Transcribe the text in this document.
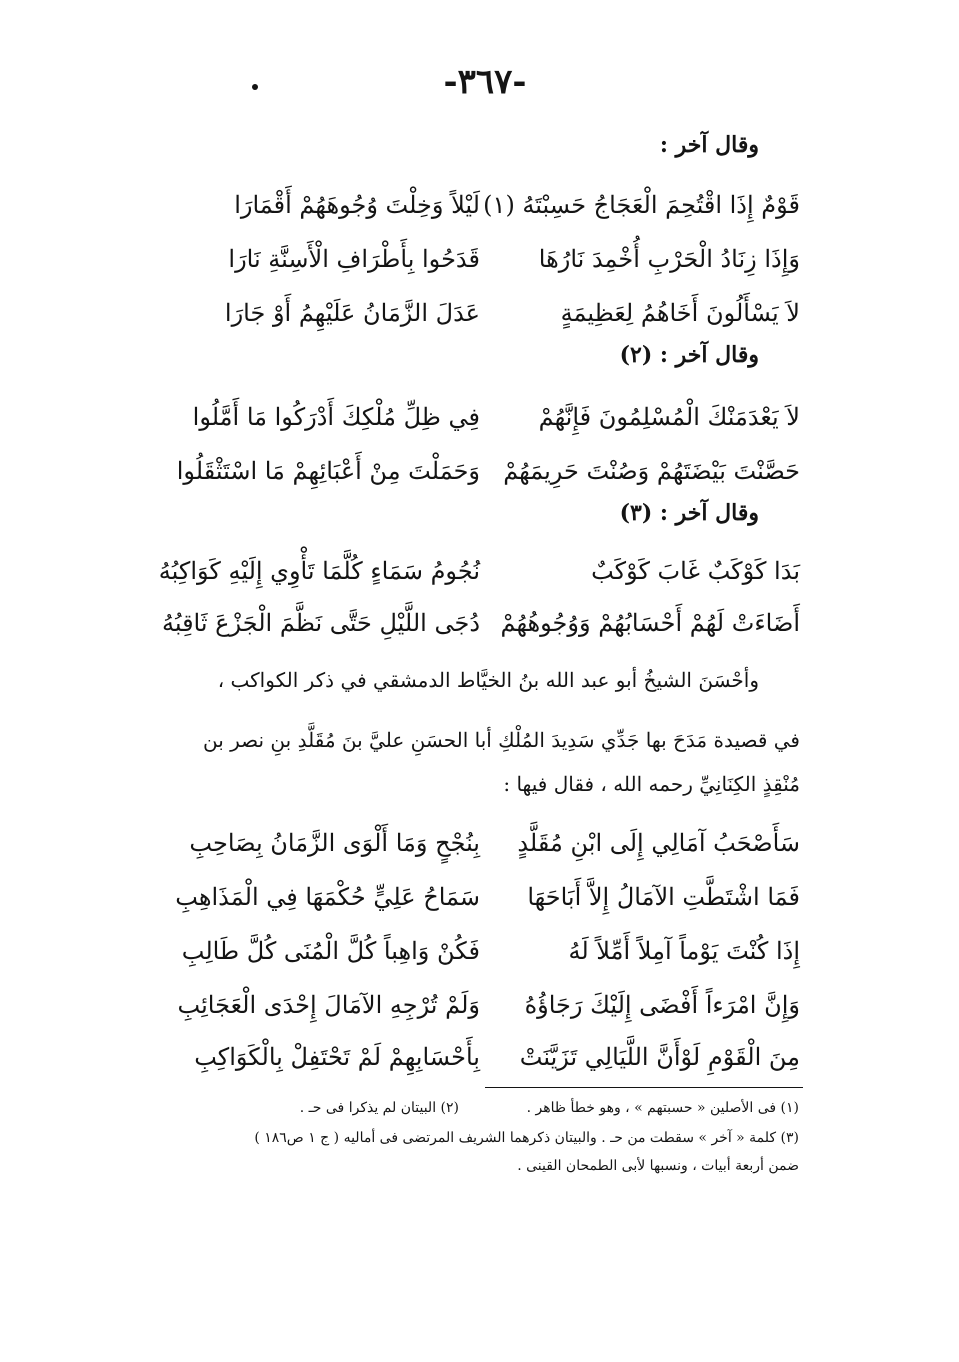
-٣٦٧-
وقال آخر :
قَوْمٌ إِذَا اقْتُحِمَ الْعَجَاجُ حَسِبْتَهُ (١)
لَيْلاً وَخِلْتَ وُجُوهَهُمْ أَقْمَارَا
وَإِذَا زِنَادُ الْحَرْبِ أُخْمِدَ نَارُهَا
قَدَحُوا بِأَطْرَافِ الْأَسِنَّةِ نَارَا
لاَ يَسْأَلُونَ أَخَاهُمُ لِعَظِيمَةٍ
عَدَلَ الزَّمَانُ عَلَيْهِمُ أَوْ جَارَا
وقال آخر : (٢)
لاَ يَعْدَمَنْكَ الْمُسْلِمُونَ فَإِنَّهُمْ
فِي ظِلِّ مُلْكِكَ أَدْرَكُوا مَا أَمَّلُوا
حَصَّنْتَ بَيْضَتَهُمْ وَصُنْتَ حَرِيمَهُمْ
وَحَمَلْتَ مِنْ أَعْبَائِهِمْ مَا اسْتَثْقَلُوا
وقال آخر : (٣)
بَدَا كَوْكَبٌ غَابَ كَوْكَبٌ
نُجُومُ سَمَاءٍ كُلَّمَا تَأْوِي إِلَيْهِ كَوَاكِبُهُ
أَضَاءَتْ لَهُمْ أَحْسَابُهُمْ وَوُجُوهُهُمْ
دُجَى اللَّيْلِ حَتَّى نَظَّمَ الْجَزْعَ ثَاقِبُهُ
وأحْسَنَ الشيخُ أبو عبد الله بنُ الخيَّاط الدمشقي في ذكر الكواكب ،
في قصيدة مَدَحَ بها جَدِّي سَدِيدَ المُلْكِ أبا الحسَنِ عليَّ بنَ مُقَلَّدِ بنِ نصر بن
مُنْقِذٍ الكِنَانِيِّ رحمه الله ، فقال فيها :
سَأَصْحَبُ آمَالِي إِلَى ابْنِ مُقَلَّدٍ
بِنُجْحٍ وَمَا أَلْوَى الزَّمَانُ بِصَاحِبِ
فَمَا اشْتَطَّتِ الآمَالُ إِلاَّ أَبَاحَهَا
سَمَاحُ عَلِيٍّ حُكْمَهَا فِي الْمَذَاهِبِ
إِذَا كُنْتَ يَوْماً آمِلاً أَمِّلاً لَهُ
فَكُنْ وَاهِباً كُلَّ الْمُنَى كُلَّ طَالِبِ
وَإِنَّ امْرَءاً أَفْضَى إِلَيْكَ رَجَاؤُهُ
وَلَمْ تُرْجِهِ الآمَالَ إِحْدَى الْعَجَائِبِ
مِنَ الْقَوْمِ لَوْأَنَّ اللَّيَالِي تَزَيَّنَتْ
بِأَحْسَابِهِمْ لَمْ تَحْتَفِلْ بِالْكَوَاكِبِ
(١) فى الأصلين « حسبتهم » ، وهو خطأ ظاهر .
(٢) البيتان لم يذكرا فى حـ .
(٣) كلمة « آخر » سقطت من حـ . والبيتان ذكرهما الشريف المرتضى فى أماليه ( ج ١ ص١٨٦ )
ضمن أربعة أبيات ، ونسبها لأبى الطمحان القينى .
